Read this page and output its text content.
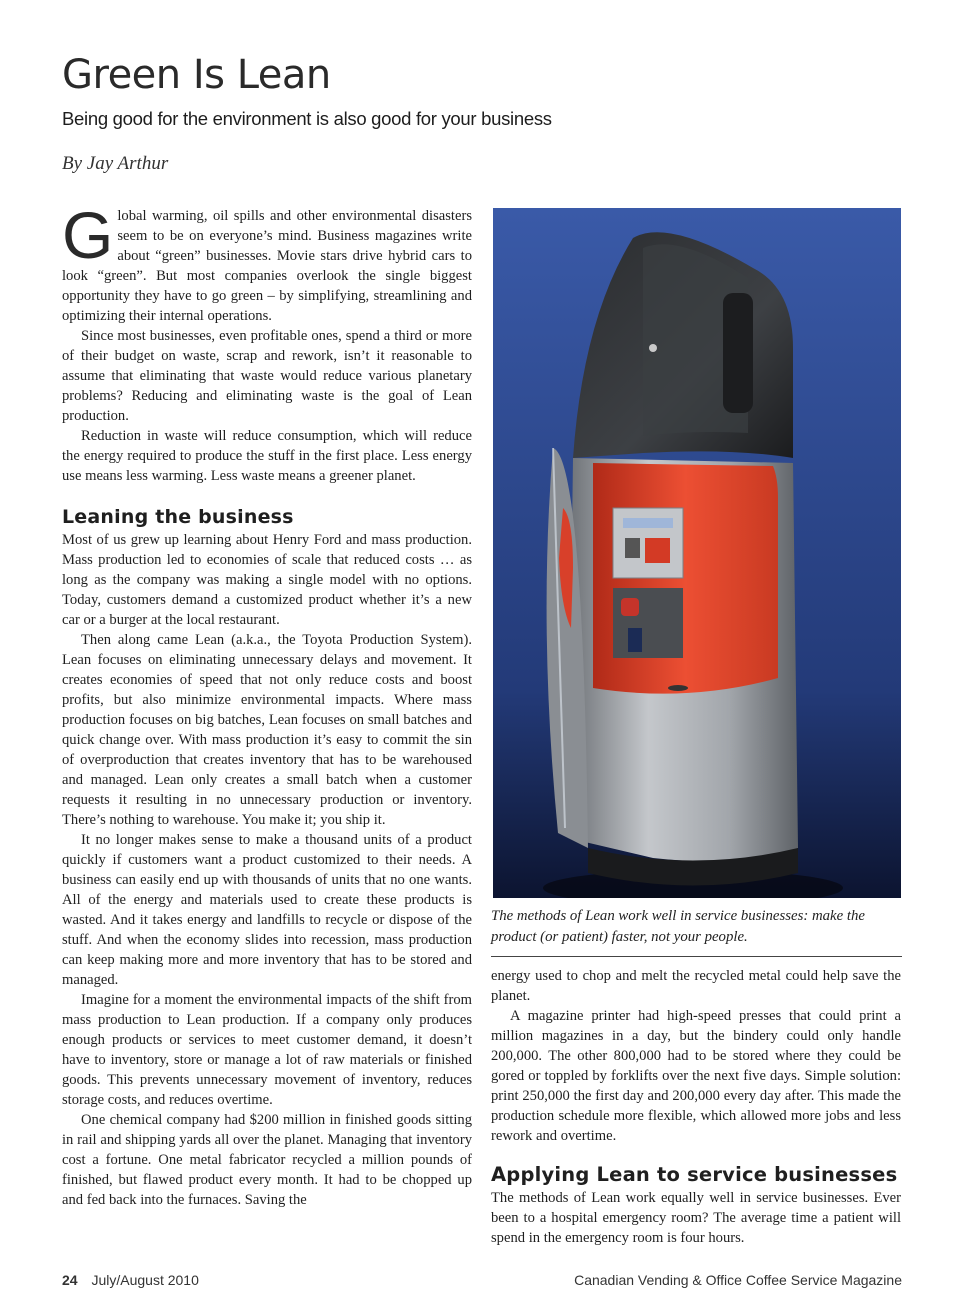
Green Is Lean

Being good for the environment is also good for your business

By Jay Arthur

Global warming, oil spills and other environmental disasters seem to be on everyone’s mind. Business magazines write about “green” businesses. Movie stars drive hybrid cars to look “green”. But most companies overlook the single biggest opportunity they have to go green – by simplifying, streamlining and optimizing their internal operations.

Since most businesses, even profitable ones, spend a third or more of their budget on waste, scrap and rework, isn’t it reasonable to assume that eliminating that waste would reduce various planetary problems? Reducing and eliminating waste is the goal of Lean production.

Reduction in waste will reduce consumption, which will reduce the energy required to produce the stuff in the first place. Less energy use means less warming. Less waste means a greener planet.

Leaning the business

Most of us grew up learning about Henry Ford and mass production. Mass production led to economies of scale that reduced costs … as long as the company was making a single model with no options. Today, customers demand a customized product whether it’s a new car or a burger at the local restaurant.

Then along came Lean (a.k.a., the Toyota Production System). Lean focuses on eliminating unnecessary delays and movement. It creates economies of speed that not only reduce costs and boost profits, but also minimize environmental impacts. Where mass production focuses on big batches, Lean focuses on small batches and quick change over. With mass production it’s easy to commit the sin of overproduction that creates inventory that has to be warehoused and managed. Lean only creates a small batch when a customer requests it resulting in no unnecessary production or inventory. There’s nothing to warehouse. You make it; you ship it.

It no longer makes sense to make a thousand units of a product quickly if customers want a product customized to their needs. A business can easily end up with thousands of units that no one wants. All of the energy and materials used to create these products is wasted. And it takes energy and landfills to recycle or dispose of the stuff. And when the economy slides into recession, mass production can keep making more and more inventory that has to be stored and managed.

Imagine for a moment the environmental impacts of the shift from mass production to Lean production. If a company only produces enough products or services to meet customer demand, it doesn’t have to inventory, store or manage a lot of raw materials or finished goods. This prevents unnecessary movement of inventory, reduces storage costs, and reduces overtime.

One chemical company had $200 million in finished goods sitting in rail and shipping yards all over the planet. Managing that inventory cost a fortune. One metal fabricator recycled a million pounds of finished, but flawed product every month. It had to be chopped up and fed back into the furnaces. Saving the

The methods of Lean work well in service businesses: make the product (or patient) faster, not your people.

energy used to chop and melt the recycled metal could help save the planet.

A magazine printer had high-speed presses that could print a million magazines in a day, but the bindery could only handle 200,000. The other 800,000 had to be stored where they could be gored or toppled by forklifts over the next five days. Simple solution: print 250,000 the first day and 200,000 every day after. This made the production schedule more flexible, which allowed more jobs and less rework and overtime.

Applying Lean to service businesses

The methods of Lean work equally well in service businesses. Ever been to a hospital emergency room? The average time a patient will spend in the emergency room is four hours.

24 July/August 2010	Canadian Vending & Office Coffee Service Magazine
